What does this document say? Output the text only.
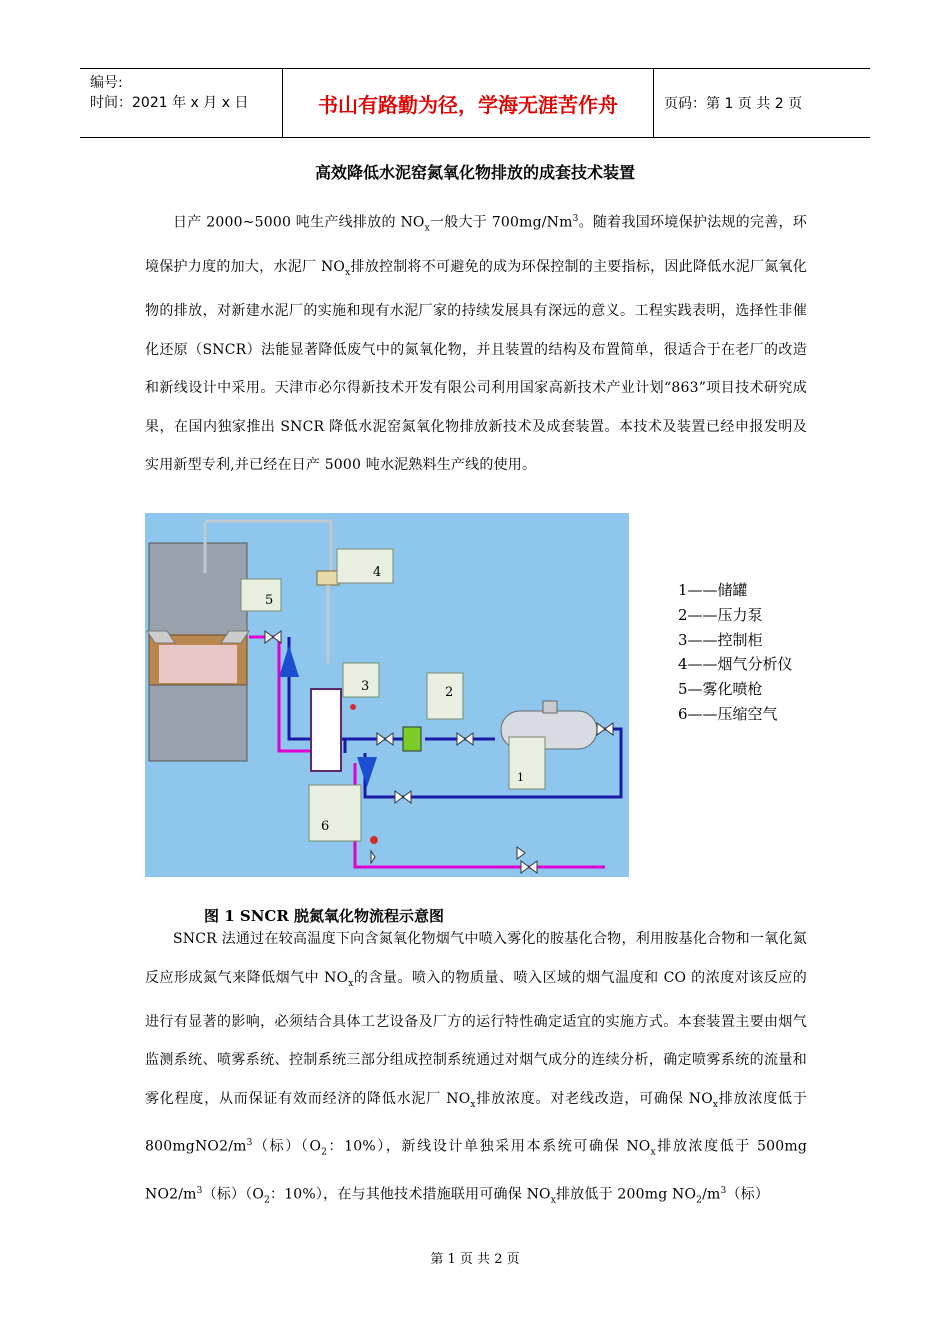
编号:
时间：2021 年 x 月 x 日	书山有路勤为径，学海无涯苦作舟	页码：第 1 页 共 2 页
高效降低水泥窑氮氧化物排放的成套技术装置
日产 2000~5000 吨生产线排放的 $NO_x$一般大于 700mg/Nm$^3$。随着我国环境保护法规的完善，环境保护力度的加大，水泥厂 $NO_x$排放控制将不可避免的成为环保控制的主要指标，因此降低水泥厂氮氧化物的排放，对新建水泥厂的实施和现有水泥厂家的持续发展具有深远的意义。工程实践表明，选择性非催化还原（SNCR）法能显著降低废气中的氮氧化物，并且装置的结构及布置简单，很适合于在老厂的改造和新线设计中采用。天津市必尔得新技术开发有限公司利用国家高新技术产业计划“863”项目技术研究成果，在国内独家推出 SNCR 降低水泥窑氮氧化物排放新技术及成套装置。本技术及装置已经申报发明及实用新型专利,并已经在日产 5000 吨水泥熟料生产线的使用。
4
5
3	2
1
6
1——储罐
2——压力泵
3——控制柜
4——烟气分析仪
5—雾化喷枪
6——压缩空气
图 1 SNCR 脱氮氧化物流程示意图
SNCR 法通过在较高温度下向含氮氧化物烟气中喷入雾化的胺基化合物，利用胺基化合物和一氧化氮反应形成氮气来降低烟气中 $NO_x$的含量。喷入的物质量、喷入区域的烟气温度和 CO 的浓度对该反应的进行有显著的影响，必须结合具体工艺设备及厂方的运行特性确定适宜的实施方式。本套装置主要由烟气监测系统、喷雾系统、控制系统三部分组成控制系统通过对烟气成分的连续分析，确定喷雾系统的流量和雾化程度，从而保证有效而经济的降低水泥厂 $NO_x$排放浓度。对老线改造，可确保 $NO_x$排放浓度低于 $800mgNO2/m^3$（标）（$O_2$：10%），新线设计单独采用本系统可确保 $NO_x$排放浓度低于 500mg $NO2/m^3$（标）（$O_2$：10%），在与其他技术措施联用可确保 $NO_x$排放低于 200mg $NO_2/m^3$（标）
第 1 页 共 2 页
